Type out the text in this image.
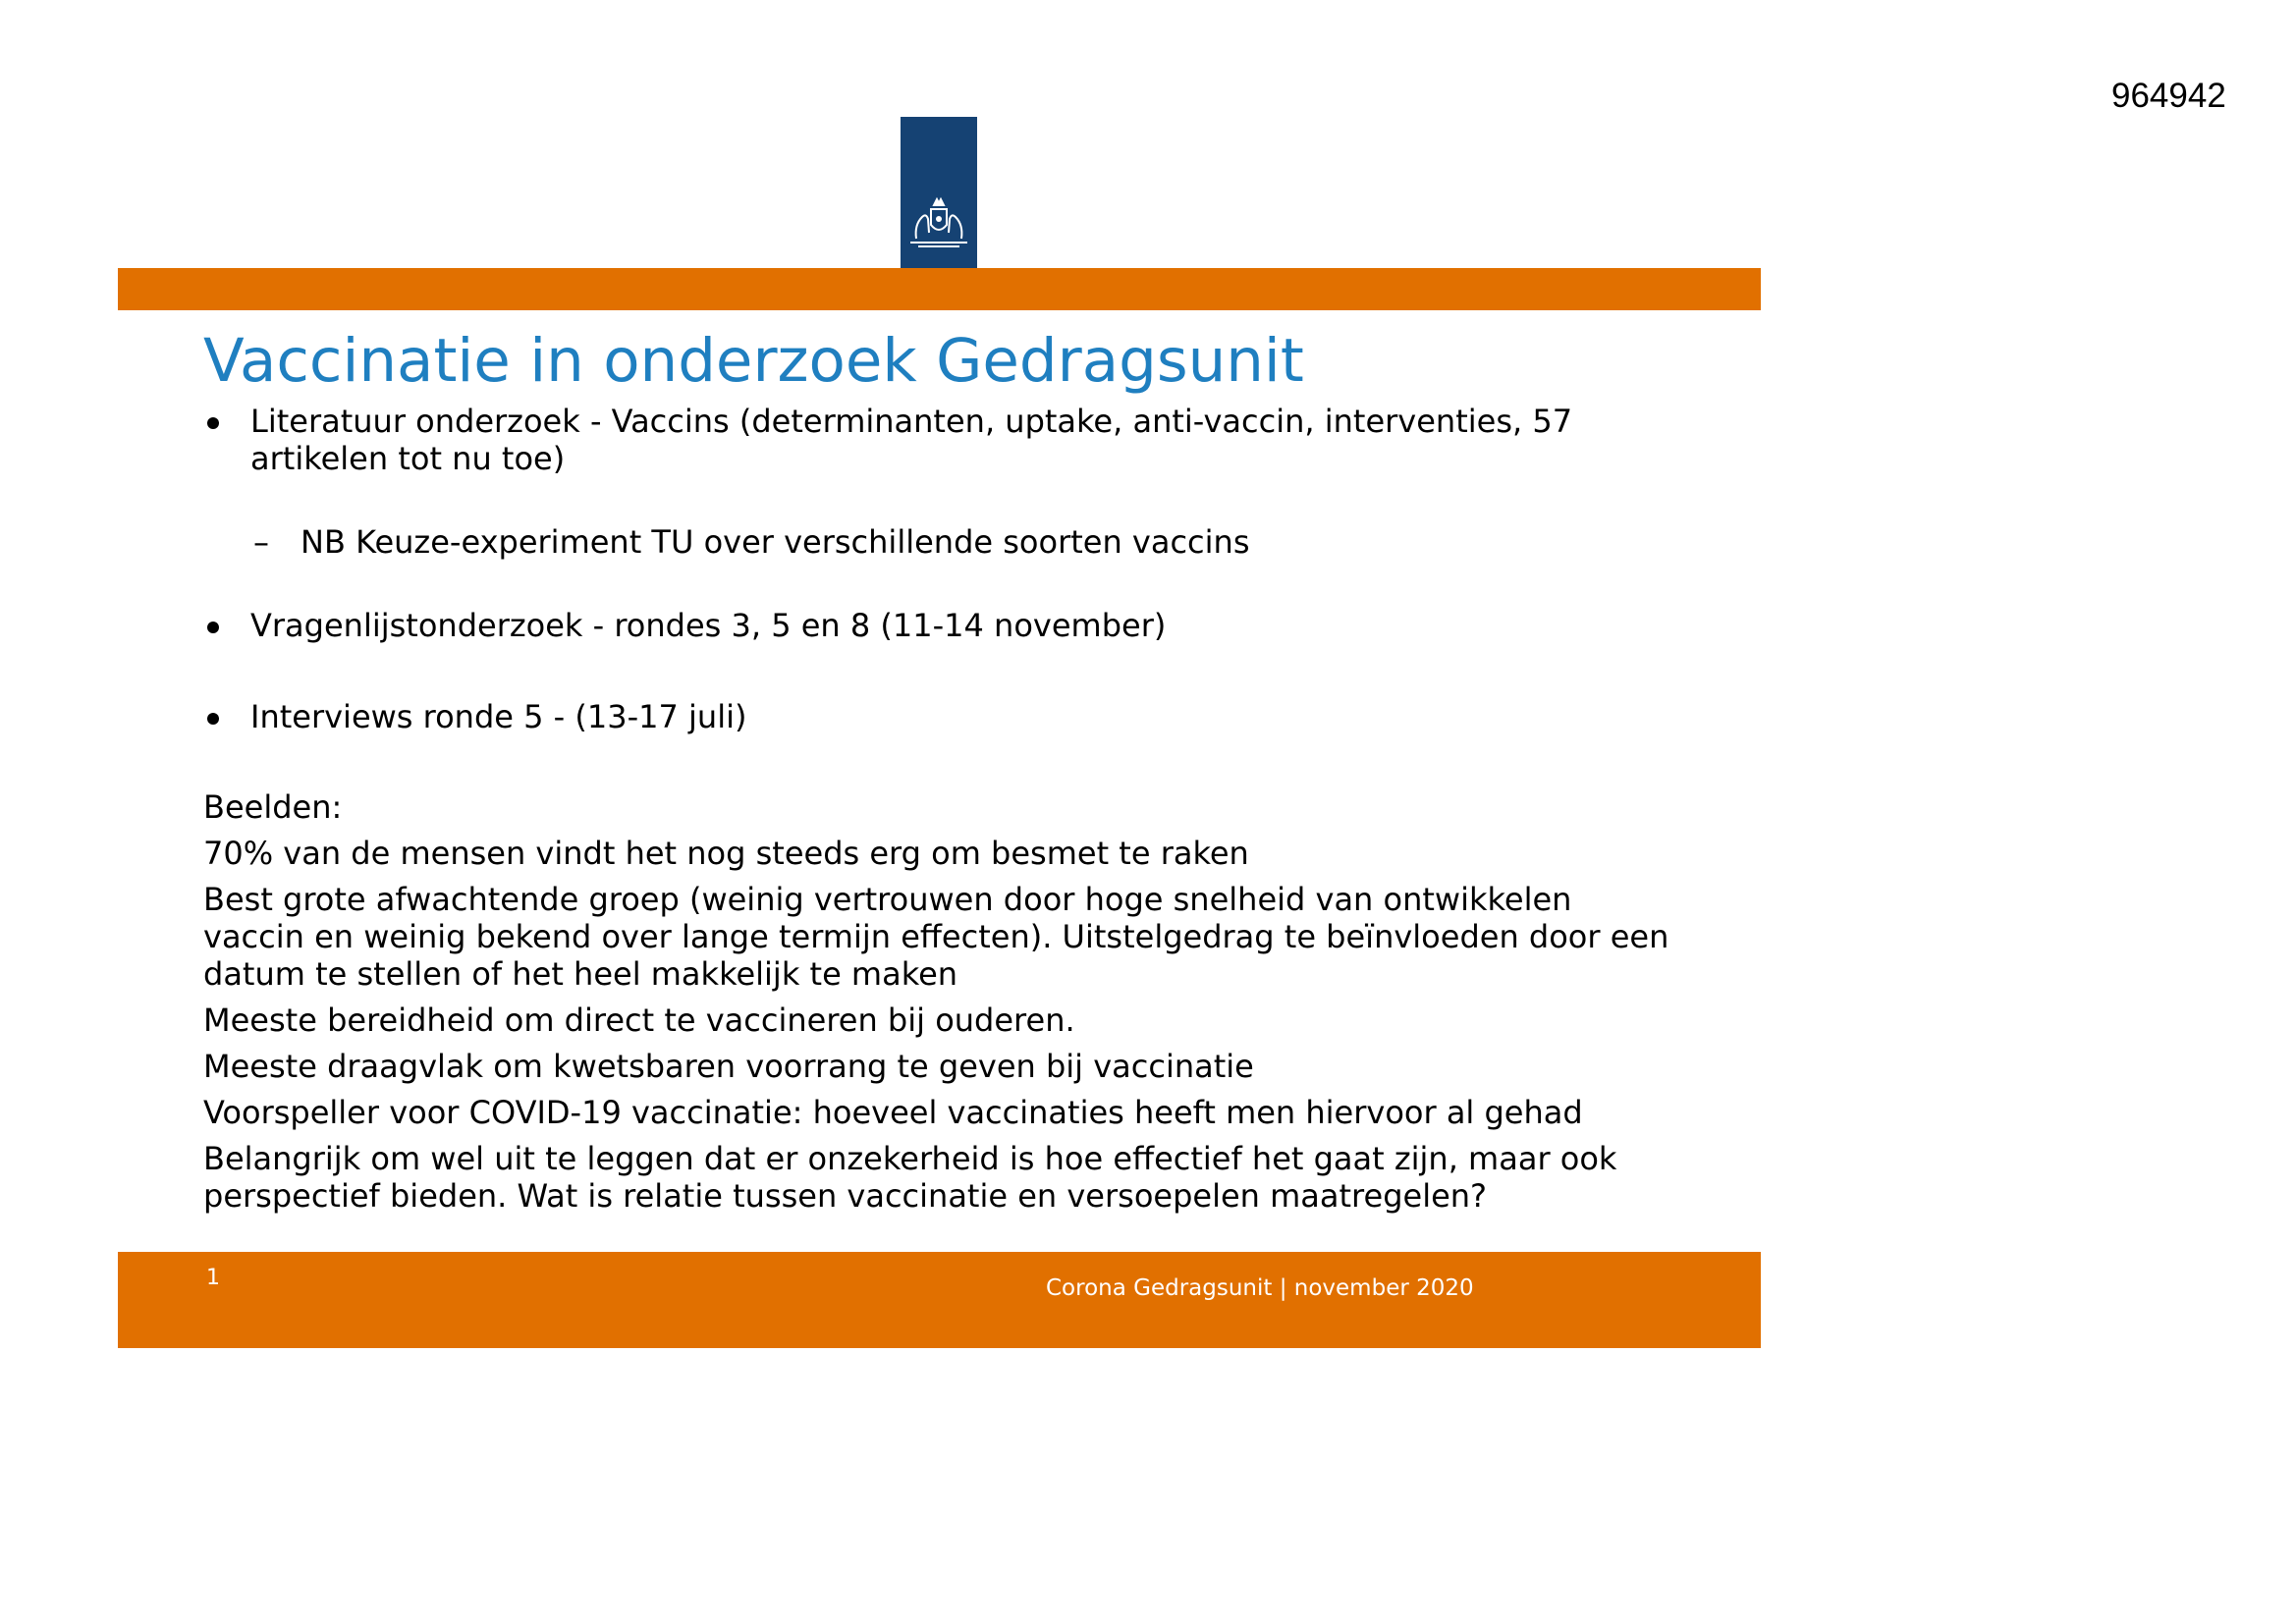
964942
Vaccinatie in onderzoek Gedragsunit
Literatuur onderzoek - Vaccins (determinanten, uptake, anti-vaccin, interventies, 57 artikelen tot nu toe)
– NB Keuze-experiment TU over verschillende soorten vaccins
Vragenlijstonderzoek - rondes 3, 5 en 8 (11-14 november)
Interviews ronde 5 - (13-17 juli)

Beelden:

70% van de mensen vindt het nog steeds erg om besmet te raken

Best grote afwachtende groep (weinig vertrouwen door hoge snelheid van ontwikkelen vaccin en weinig bekend over lange termijn effecten). Uitstelgedrag te beïnvloeden door een datum te stellen of het heel makkelijk te maken

Meeste bereidheid om direct te vaccineren bij ouderen.

Meeste draagvlak om kwetsbaren voorrang te geven bij vaccinatie

Voorspeller voor COVID-19 vaccinatie: hoeveel vaccinaties heeft men hiervoor al gehad

Belangrijk om wel uit te leggen dat er onzekerheid is hoe effectief het gaat zijn, maar ook perspectief bieden. Wat is relatie tussen vaccinatie en versoepelen maatregelen?

1	Corona Gedragsunit | november 2020
